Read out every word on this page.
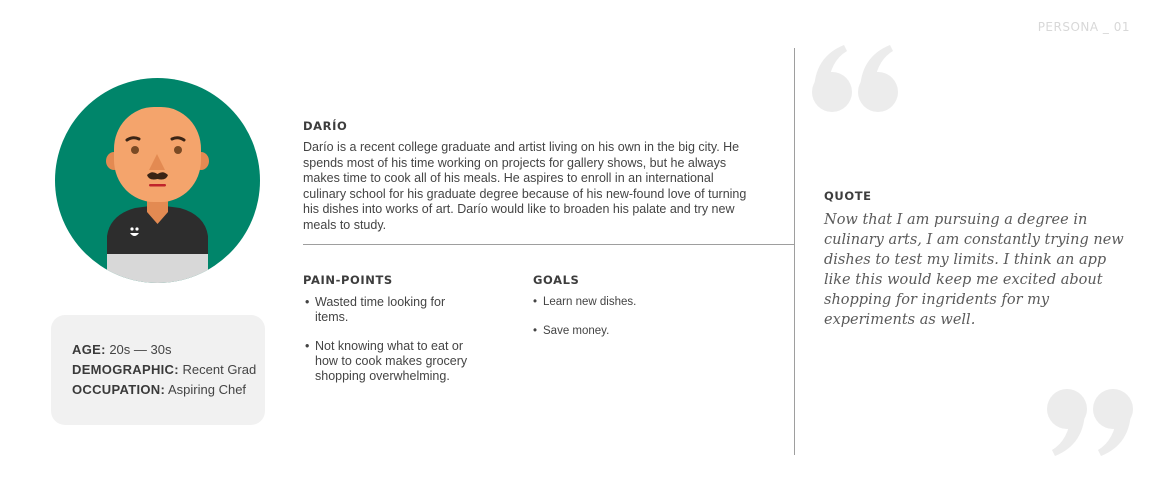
PERSONA _ 01
AGE: 20s — 30s
DEMOGRAPHIC: Recent Grad
OCCUPATION: Aspiring Chef
DARÍO
Darío is a recent college graduate and artist living on his own in the big city. He spends most of his time working on projects for gallery shows, but he always makes time to cook all of his meals. He aspires to enroll in an international culinary school for his graduate degree because of his new-found love of turning his dishes into works of art. Darío would like to broaden his palate and try new meals to study.
PAIN-POINTS
• Wasted time looking for items.
• Not knowing what to eat or how to cook makes grocery shopping overwhelming.
GOALS
• Learn new dishes.
• Save money.
QUOTE
Now that I am pursuing a degree in culinary arts, I am constantly trying new dishes to test my limits. I think an app like this would keep me excited about shopping for ingridents for my experiments as well.
